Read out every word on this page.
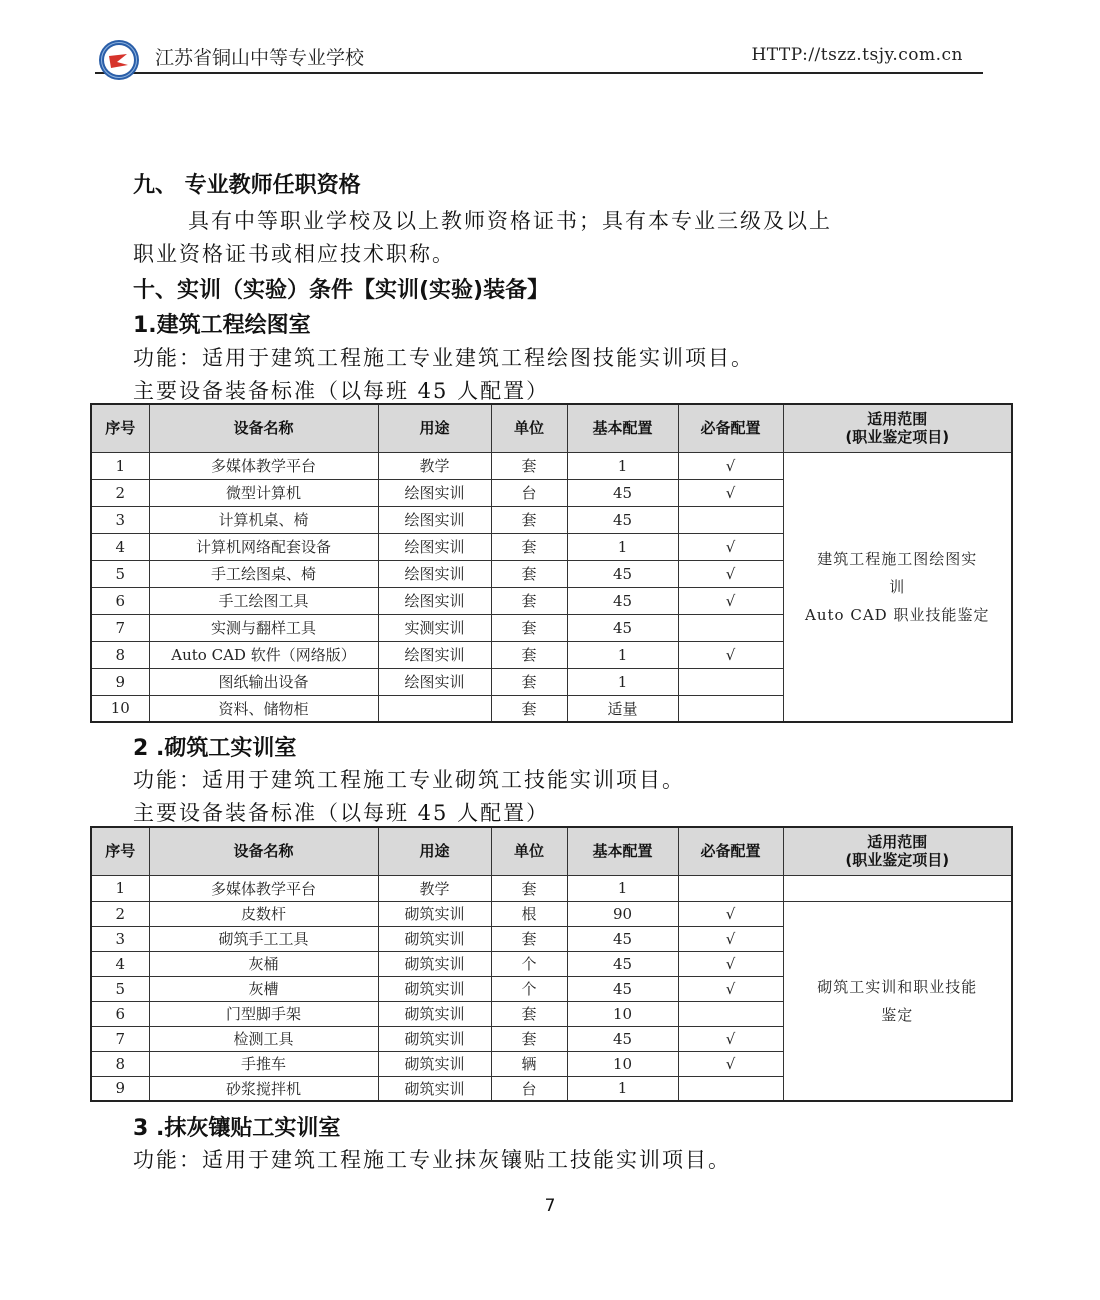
江苏省铜山中等专业学校	HTTP://tszz.tsjy.com.cn
九、 专业教师任职资格
具有中等职业学校及以上教师资格证书；具有本专业三级及以上
职业资格证书或相应技术职称。
十、实训（实验）条件【实训(实验)装备】
1.建筑工程绘图室
功能：适用于建筑工程施工专业建筑工程绘图技能实训项目。
主要设备装备标准（以每班 45 人配置）
序号	设备名称	用途	单位	基本配置	必备配置	适用范围
(职业鉴定项目)

1	多媒体教学平台	教学	套	1	√	建筑工程施工图绘图实
训
Auto CAD 职业技能鉴定

2	微型计算机	绘图实训	台	45	√	
3	计算机桌、椅	绘图实训	套	45		
4	计算机网络配套设备	绘图实训	套	1	√	
5	手工绘图桌、椅	绘图实训	套	45	√	
6	手工绘图工具	绘图实训	套	45	√	
7	实测与翻样工具	实测实训	套	45		
8	Auto CAD 软件（网络版）	绘图实训	套	1	√	
9	图纸输出设备	绘图实训	套	1		
10	资料、储物柜		套	适量		
2 .砌筑工实训室
功能：适用于建筑工程施工专业砌筑工技能实训项目。
主要设备装备标准（以每班 45 人配置）
序号	设备名称	用途	单位	基本配置	必备配置	适用范围
(职业鉴定项目)

1	多媒体教学平台	教学	套	1		
2	皮数杆	砌筑实训	根	90	√	砌筑工实训和职业技能
鉴定

3	砌筑手工工具	砌筑实训	套	45	√	
4	灰桶	砌筑实训	个	45	√	
5	灰槽	砌筑实训	个	45	√	
6	门型脚手架	砌筑实训	套	10		
7	检测工具	砌筑实训	套	45	√	
8	手推车	砌筑实训	辆	10	√	
9	砂浆搅拌机	砌筑实训	台	1		
3 .抹灰镶贴工实训室
功能：适用于建筑工程施工专业抹灰镶贴工技能实训项目。
7
